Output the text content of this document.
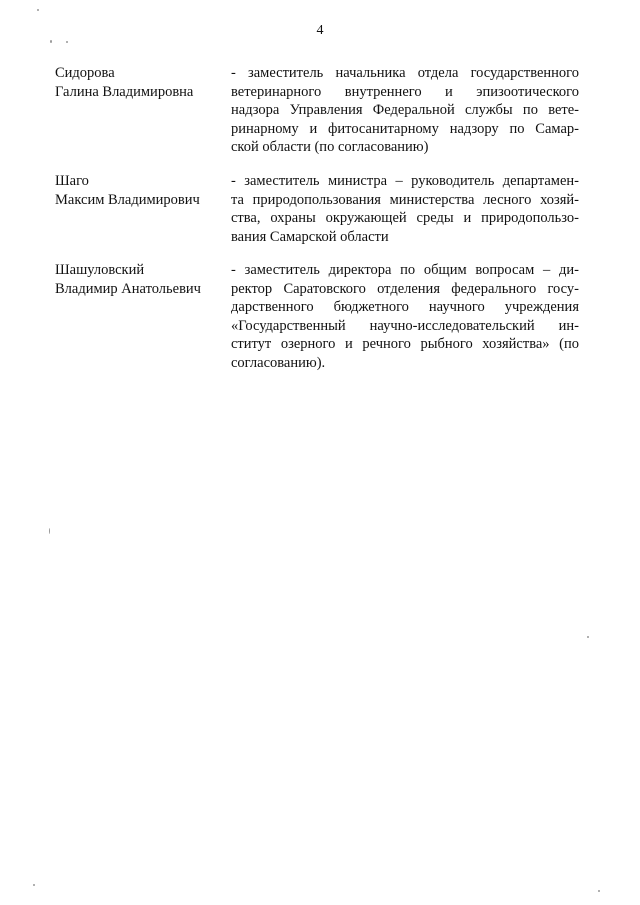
4
Сидорова
Галина Владимировна
- заместитель начальника отдела государственного
ветеринарного внутреннего и эпизоотического
надзора Управления Федеральной службы по вете-
ринарному и фитосанитарному надзору по Самар-
ской области (по согласованию)
Шаго
Максим Владимирович
- заместитель министра – руководитель департамен-
та природопользования министерства лесного хозяй-
ства, охраны окружающей среды и природопользо-
вания Самарской области
Шашуловский
Владимир Анатольевич
- заместитель директора по общим вопросам – ди-
ректор Саратовского отделения федерального госу-
дарственного бюджетного научного учреждения
«Государственный научно-исследовательский ин-
ститут озерного и речного рыбного хозяйства» (по
согласованию).
